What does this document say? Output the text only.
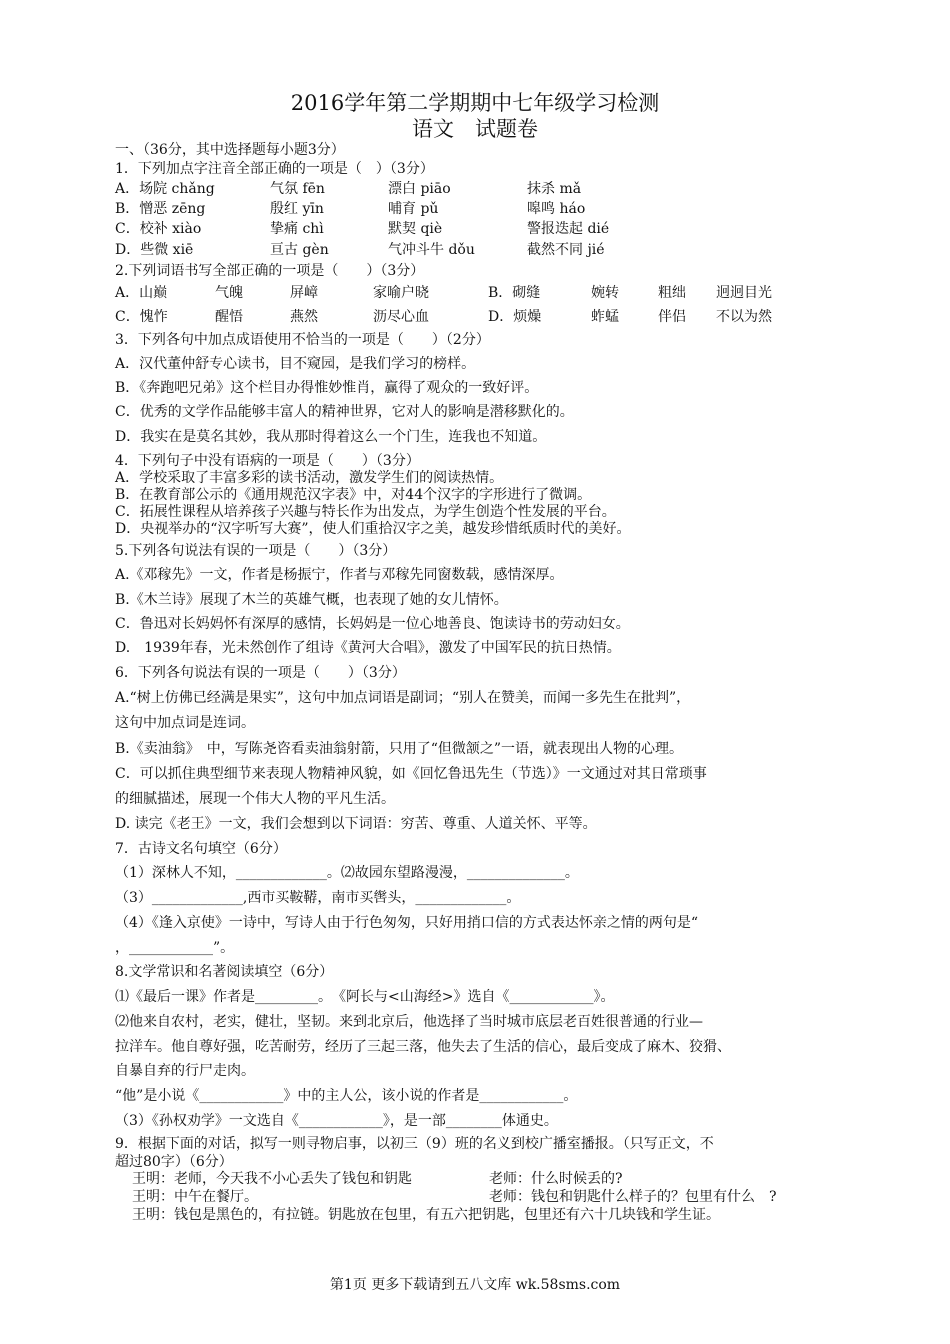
2016学年第二学期期中七年级学习检测
语文　试题卷
一、（36分，其中选择题每小题3分）
1．下列加点字注音全部正确的一项是（　）（3分）
A．场院 chǎng	气氛 fēn	漂白 piāo	抹杀 mǎ
B．憎恶 zēng	殷红 yīn	哺育 pǔ	嗥鸣 háo
C．校补 xiào	挚痛 chì	默契 qiè	警报迭起 dié
D．些微 xiē	亘古 gèn	气冲斗牛 dǒu	截然不同 jié
2.下列词语书写全部正确的一项是（　　）（3分）
A．山巅	气魄	屏嶂	家喻户晓	B．砌缝	婉转	粗绌 迥迥目光
C．愧怍	醒悟	燕然	沥尽心血	D．烦燥	蚱蜢	伴侣 不以为然
3．下列各句中加点成语使用不恰当的一项是（　　）（2分）
A．汉代董仲舒专心读书，目不窥园，是我们学习的榜样。
B．《奔跑吧兄弟》这个栏目办得惟妙惟肖，赢得了观众的一致好评。
C．优秀的文学作品能够丰富人的精神世界，它对人的影响是潜移默化的。
D．我实在是莫名其妙，我从那时得着这么一个门生，连我也不知道。
4．下列句子中没有语病的一项是（　　）（3分）
A．学校采取了丰富多彩的读书活动，激发学生们的阅读热情。
B．在教育部公示的《通用规范汉字表》中，对44个汉字的字形进行了微调。
C．拓展性课程从培养孩子兴趣与特长作为出发点，为学生创造个性发展的平台。
D．央视举办的“汉字听写大赛”，使人们重拾汉字之美，越发珍惜纸质时代的美好。
5.下列各句说法有误的一项是（　　）（3分）
A.《邓稼先》一文，作者是杨振宁，作者与邓稼先同窗数载，感情深厚。
B.《木兰诗》展现了木兰的英雄气概，也表现了她的女儿情怀。
C．鲁迅对长妈妈怀有深厚的感情，长妈妈是一位心地善良、饱读诗书的劳动妇女。
D.　1939年春，光未然创作了组诗《黄河大合唱》，激发了中国军民的抗日热情。
6．下列各句说法有误的一项是（　　）（3分）
A.“树上仿佛已经满是果实”，这句中加点词语是副词；“别人在赞美，而闻一多先生在批判”，
这句中加点词是连词。
B.《卖油翁》　中，写陈尧咨看卖油翁射箭，只用了“但微颔之”一语，就表现出人物的心理。
C．可以抓住典型细节来表现人物精神风貌，如《回忆鲁迅先生（节选）》一文通过对其日常琐事
的细腻描述，展现一个伟大人物的平凡生活。
D. 读完《老王》一文，我们会想到以下词语：穷苦、尊重、人道关怀、平等。
7．古诗文名句填空（6分）
（1）深林人不知，_____________。⑵故园东望路漫漫，______________。
（3）_____________,西市买鞍鞯，南市买辔头，_____________。
（4）《逢入京使》一诗中，写诗人由于行色匆匆，只好用捎口信的方式表达怀亲之情的两句是“
，____________”。
8.文学常识和名著阅读填空（6分）
⑴《最后一课》作者是_________。　《阿长与<山海经>》选自《____________》。
⑵他来自农村，老实，健壮，坚韧。来到北京后，他选择了当时城市底层老百姓很普通的行业—
拉洋车。他自尊好强，吃苦耐劳，经历了三起三落，他失去了生活的信心，最后变成了麻木、狡猾、
自暴自弃的行尸走肉。
“他”是小说《____________》中的主人公，该小说的作者是____________。
（3）《孙权劝学》一文选自《____________》，是一部________体通史。
9．根据下面的对话，拟写一则寻物启事，以初三（9）班的名义到校广播室播报。（只写正文，不
超过80字）（6分）
王明：老师，今天我不小心丢失了钱包和钥匙	老师：什么时候丢的?
王明：中午在餐厅。	老师：钱包和钥匙什么样子的？包里有什么　?
王明：钱包是黑色的，有拉链。钥匙放在包里，有五六把钥匙，包里还有六十几块钱和学生证。
第1页 更多下载请到五八文库 wk.58sms.com
